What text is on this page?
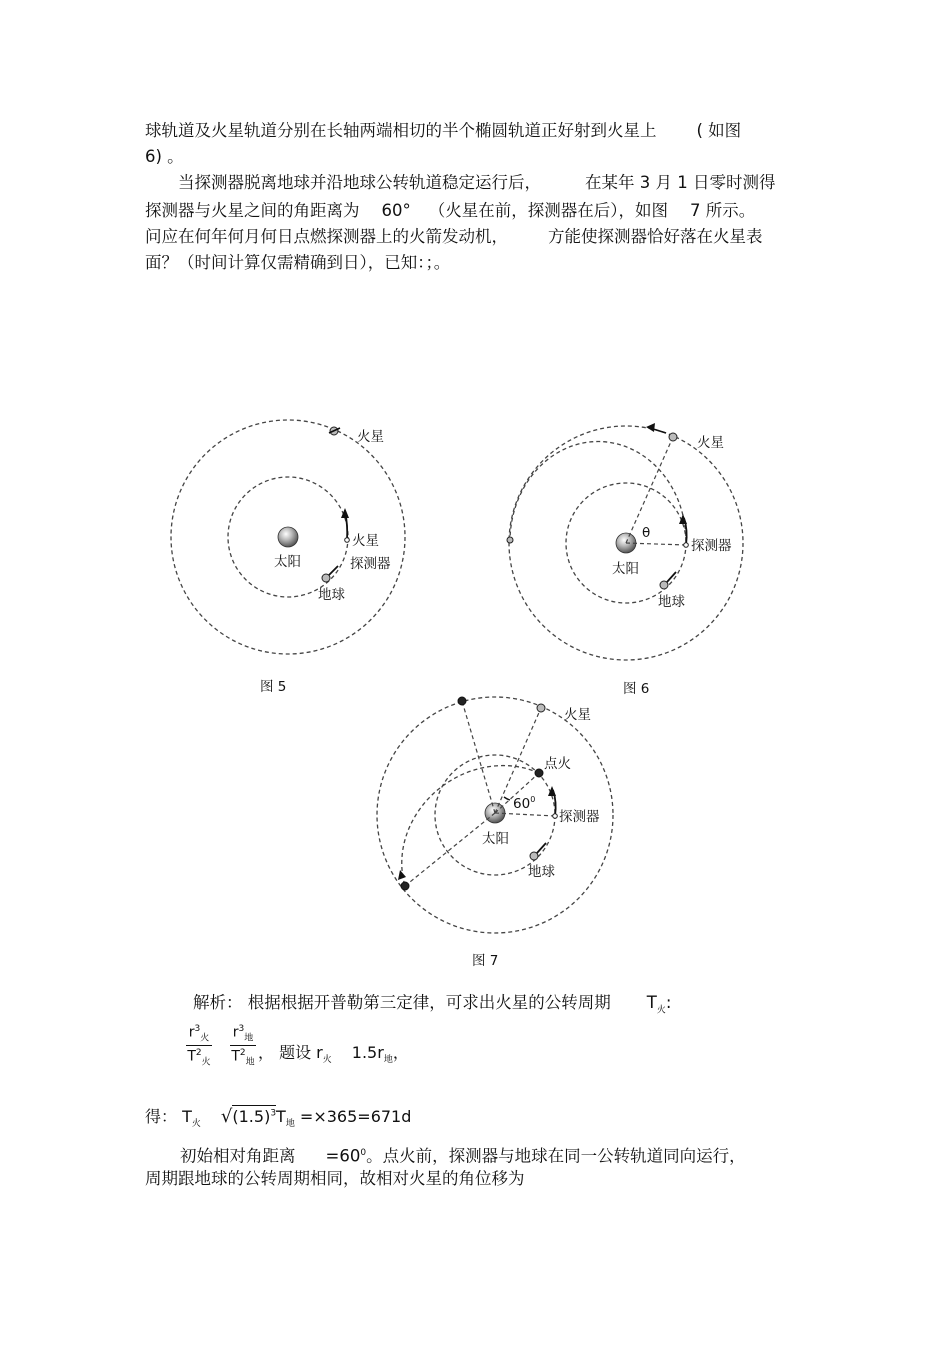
球轨道及火星轨道分别在长轴两端相切的半个椭圆轨道正好射到火星上 ( 如图
6) 。
当探测器脱离地球并沿地球公转轨道稳定运行后，	在某年 3 月 1 日零时测得
探测器与火星之间的角距离为 60° （火星在前，探测器在后），如图 7 所示。
问应在何年何月何日点燃探测器上的火箭发动机， 方能使探测器恰好落在火星表
面？（时间计算仅需精确到日），已知：；。
火星
火星
探测器
太阳
地球
图 5
火星
θ
探测器
太阳
地球
图 6
火星
点火
$60^0$
探测器
太阳
地球
图 7
解析： 根据根据开普勒第三定律，可求出火星的公转周期 $T_火$:
$r^3_火$
$T^2_火$
$r^3_地$
$T^2_地$
， 题设 $r_火$ $1.5r_地$，
得： $T_火$ $√(1.5)^3T_地 =\times 365=671d$
初始相对角距离 $=60^0$。点火前，探测器与地球在同一公转轨道同向运行，
周期跟地球的公转周期相同，故相对火星的角位移为
